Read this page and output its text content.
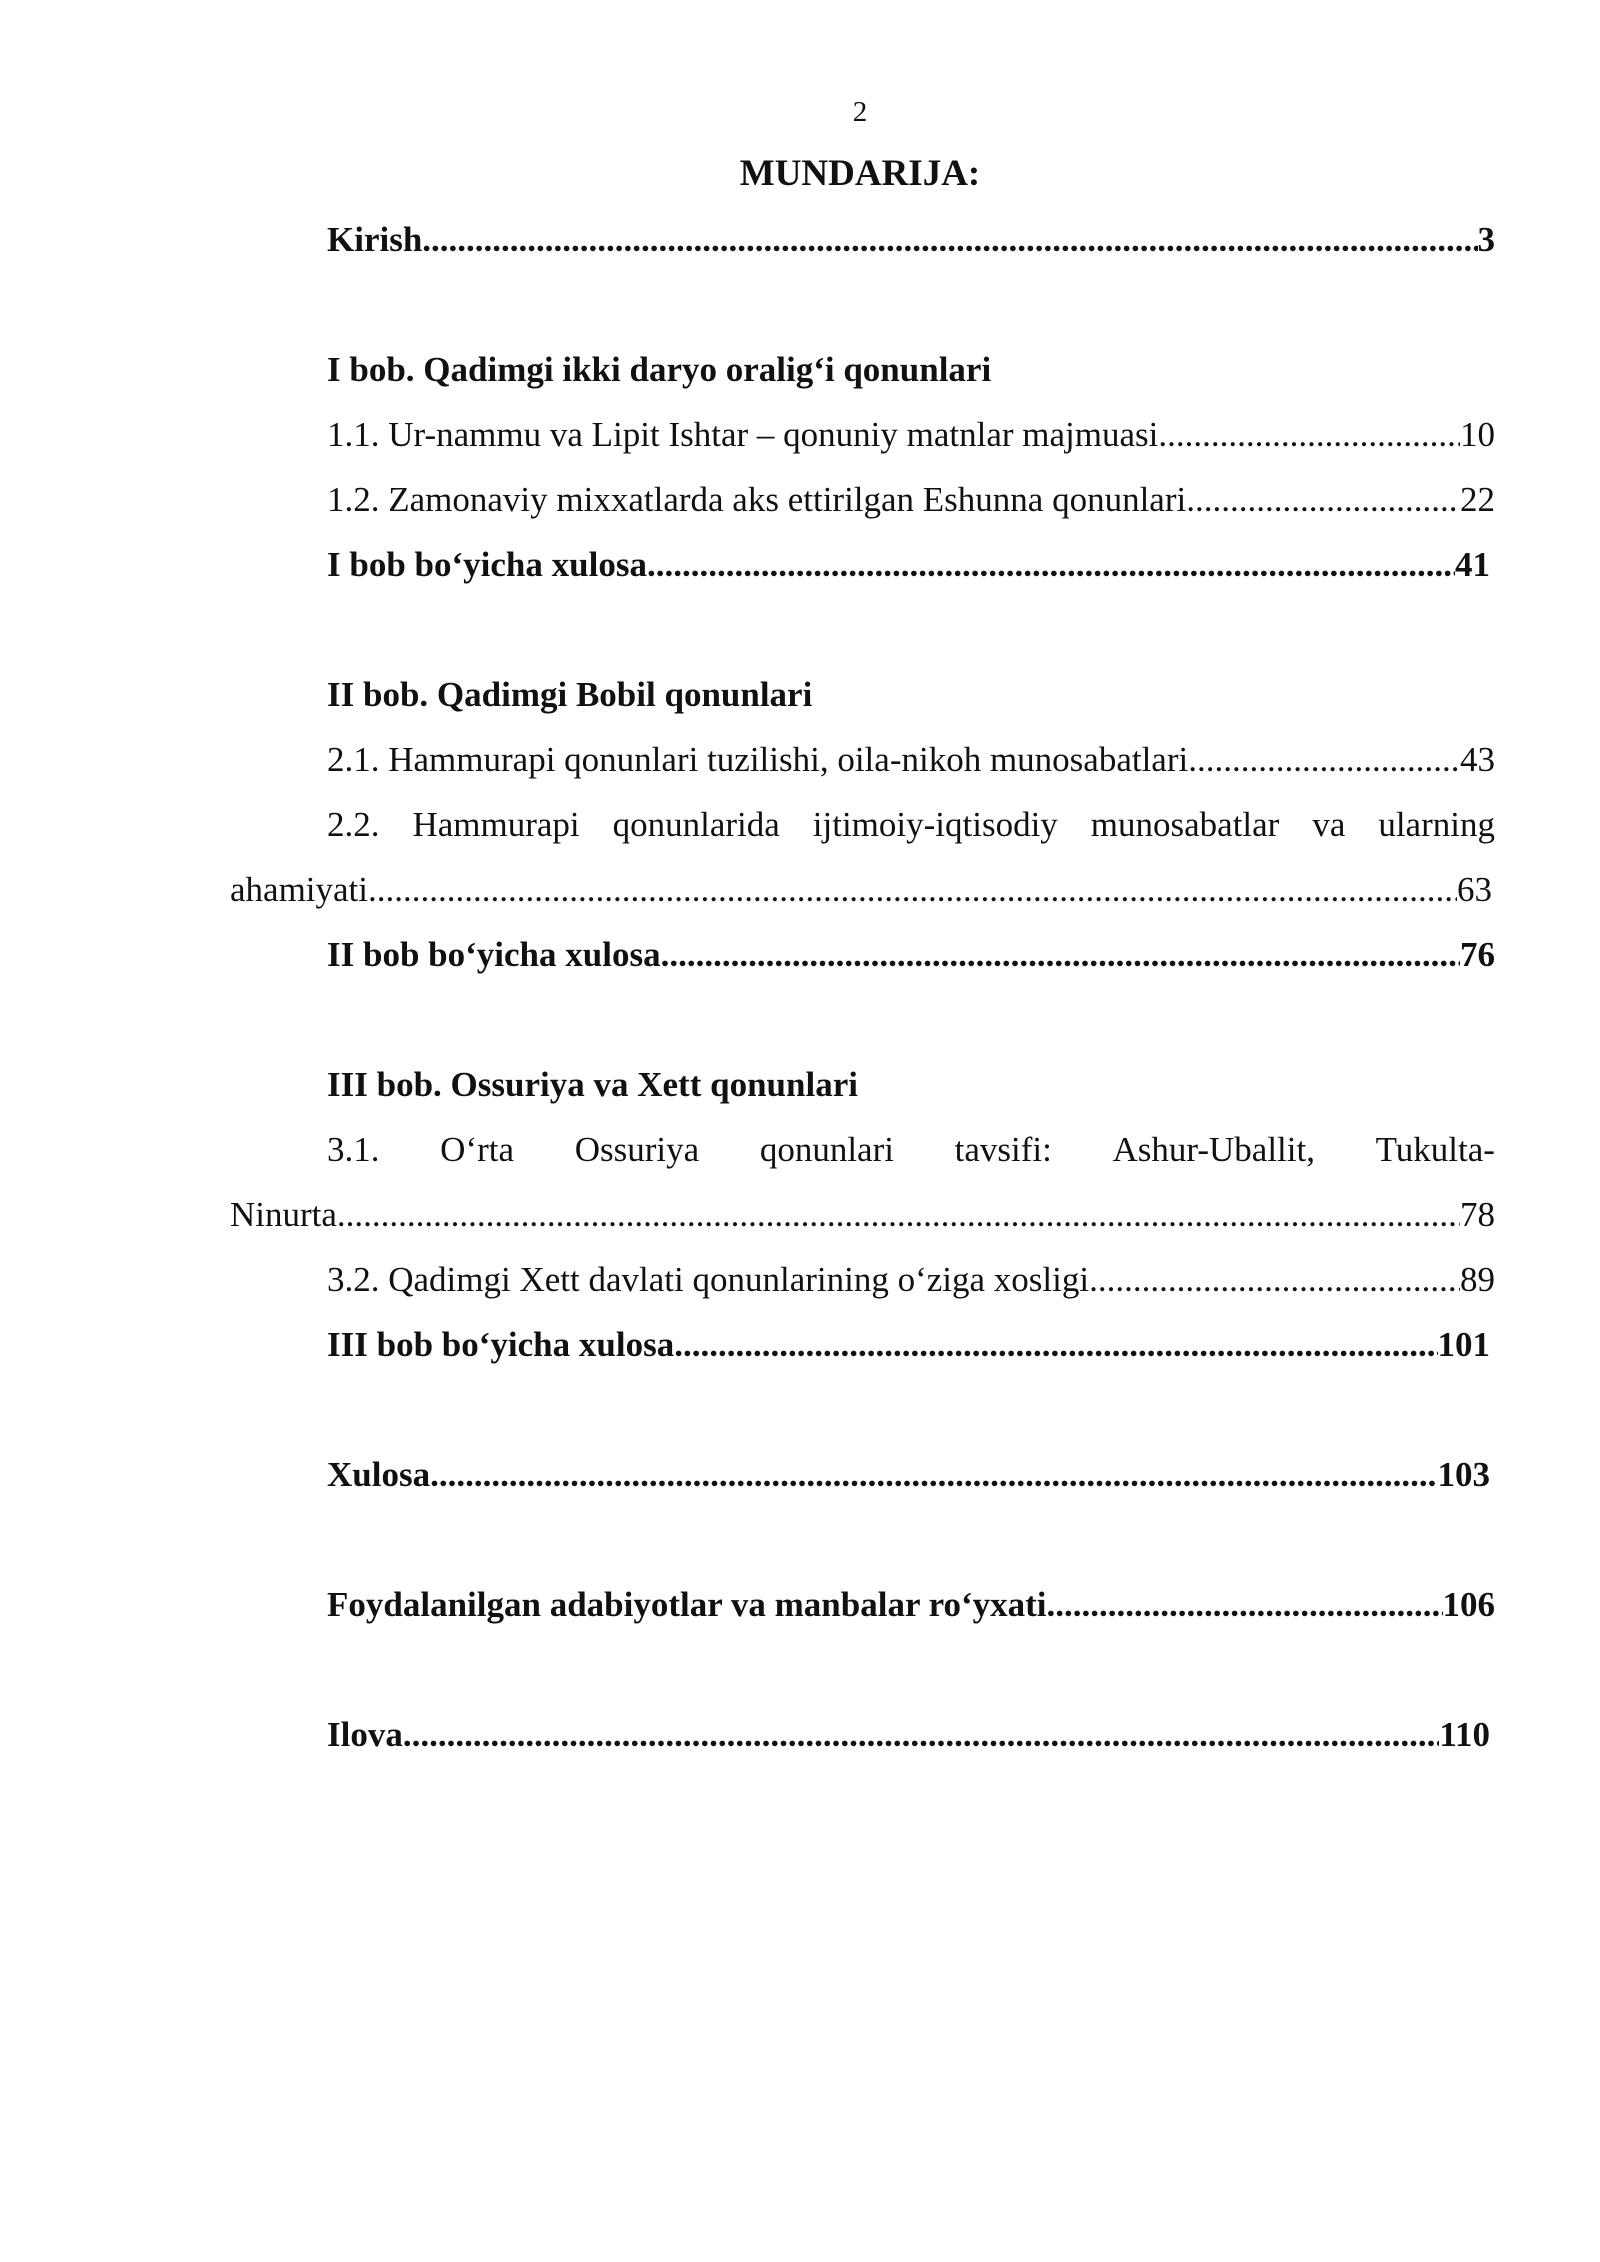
2
MUNDARIJA:
Kirish .....	3
I bob. Qadimgi ikki daryo oralig‘i qonunlari
1.1. Ur-nammu va Lipit Ishtar – qonuniy matnlar majmuasi .....	10
1.2. Zamonaviy mixxatlarda aks ettirilgan Eshunna qonunlari .....	22
I bob bo‘yicha xulosa .....	41
II bob. Qadimgi Bobil qonunlari
2.1. Hammurapi qonunlari tuzilishi, oila-nikoh munosabatlari .....	43
2.2. Hammurapi qonunlarida ijtimoiy-iqtisodiy munosabatlar va ularning
ahamiyati .....	63
II bob bo‘yicha xulosa .....	76
III bob. Ossuriya va Xett qonunlari
3.1. O‘rta Ossuriya qonunlari tavsifi: Ashur-Uballit, Tukulta-
Ninurta .....	78
3.2. Qadimgi Xett davlati qonunlarining o‘ziga xosligi .....	89
III bob bo‘yicha xulosa .....	101
Xulosa .....	103
Foydalanilgan adabiyotlar va manbalar ro‘yxati .....	106
Ilova .....	110
